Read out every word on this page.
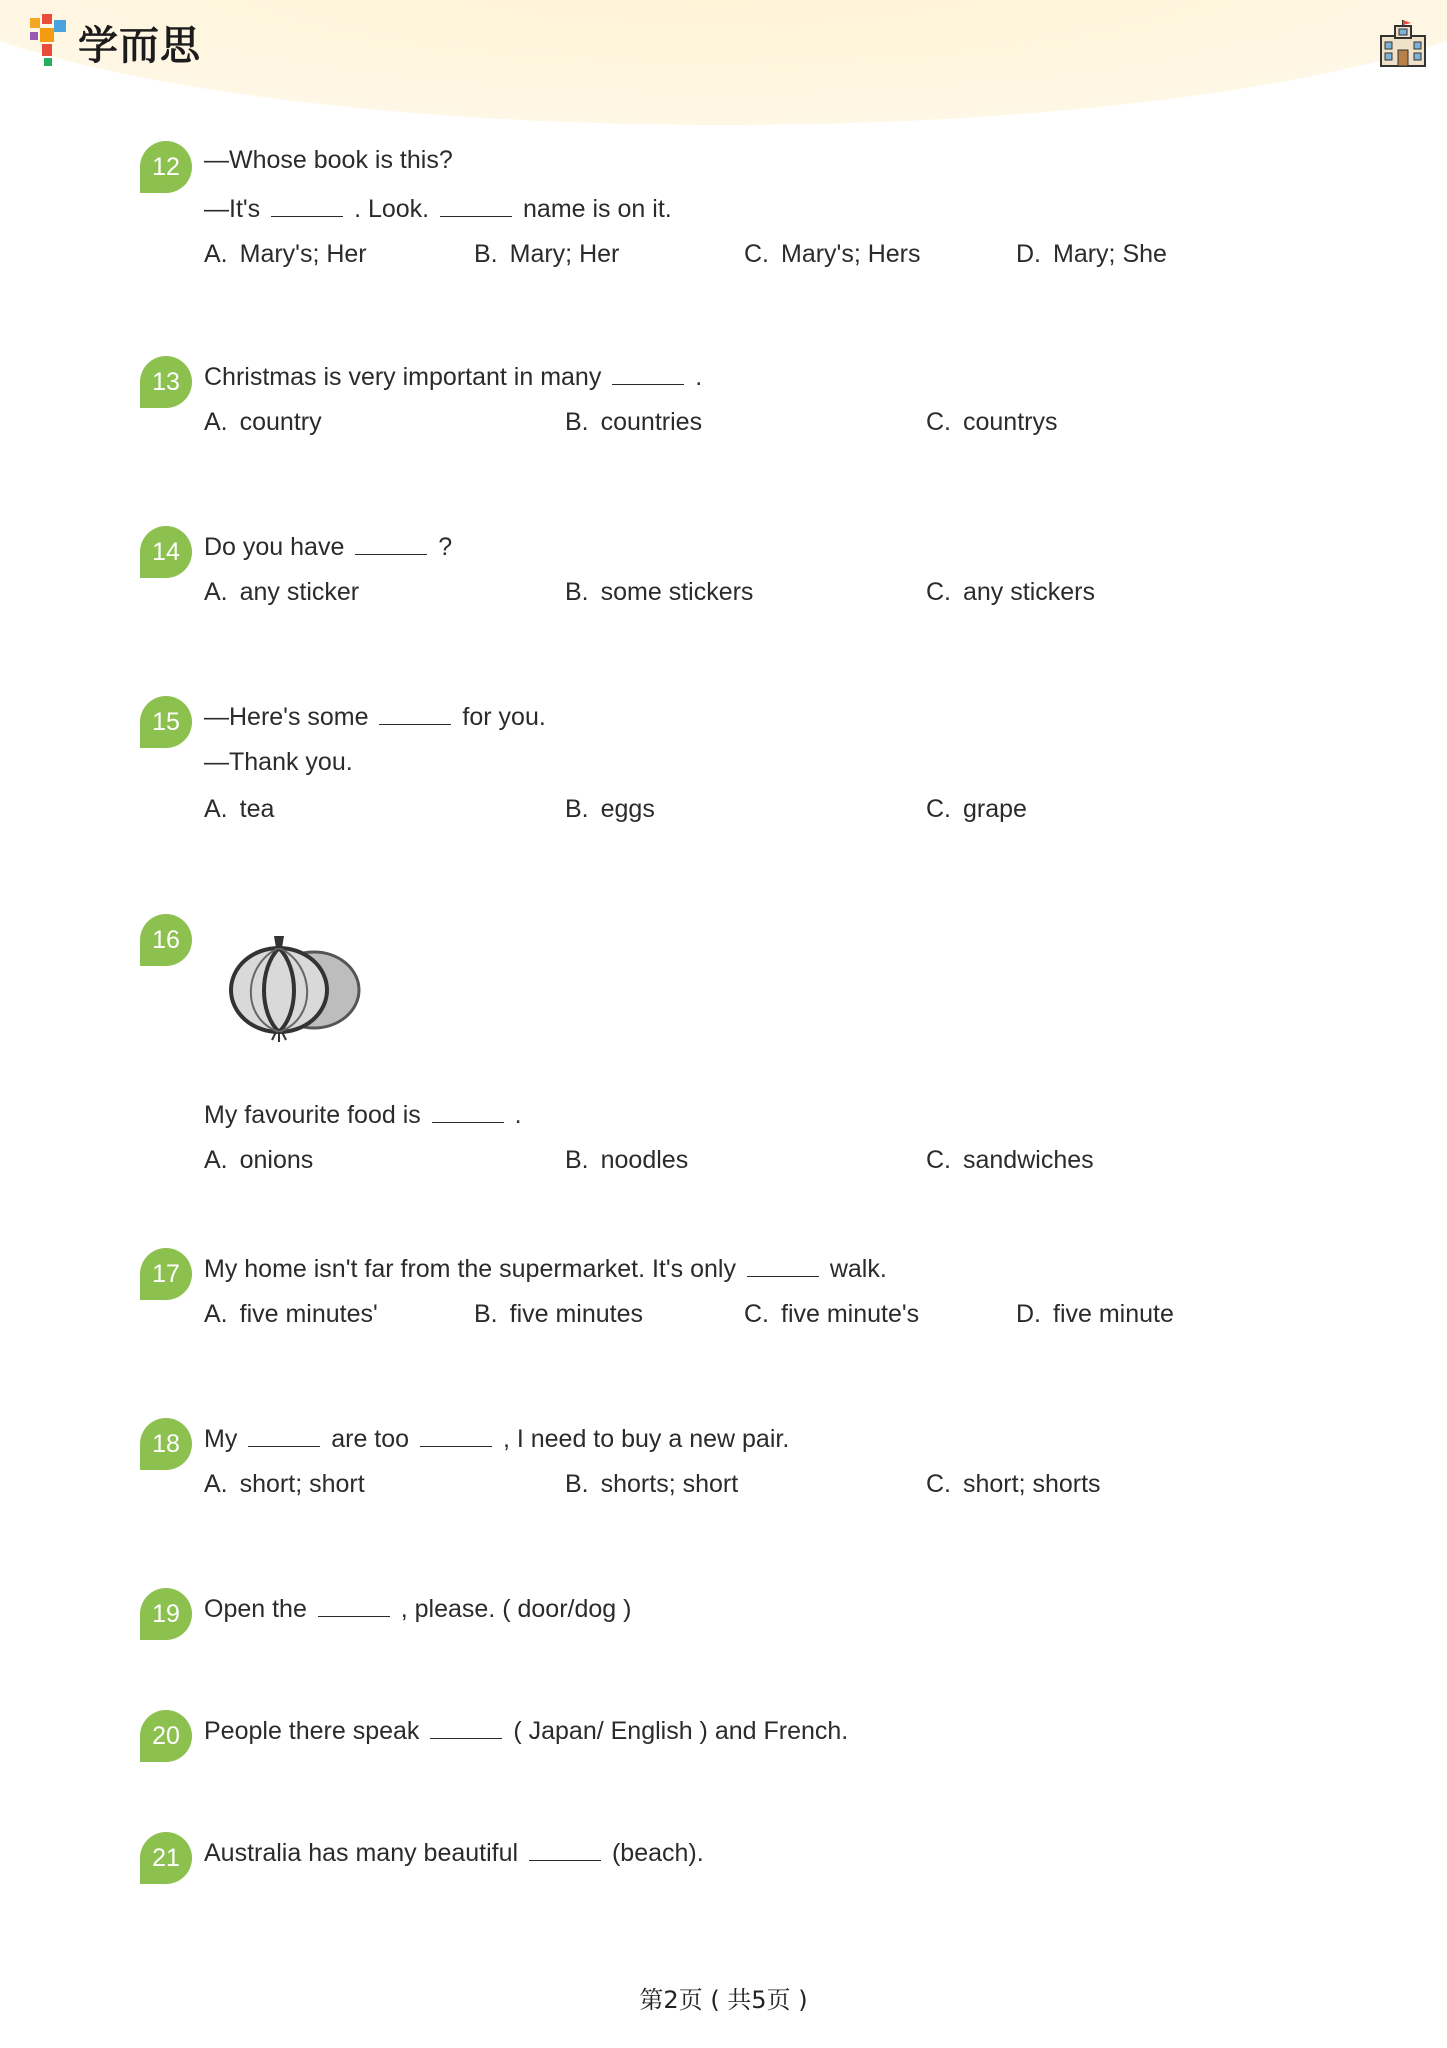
学而思
12 —Whose book is this?
—It's	. Look.	name is on it.
A. Mary's; Her	B. Mary; Her	C. Mary's; Hers	D. Mary; She
13 Christmas is very important in many	.
A. country	B. countries	C. countrys
14 Do you have	?
A. any sticker	B. some stickers	C. any stickers
15 —Here's some	for you.
—Thank you.
A. tea	B. eggs	C. grape
16
My favourite food is	.
A. onions	B. noodles	C. sandwiches
17 My home isn't far from the supermarket. It's only	walk.
A. five minutes'	B. five minutes	C. five minute's	D. five minute
18 My	are too	, I need to buy a new pair.
A. short; short	B. shorts; short	C. short; shorts
19 Open the	, please. ( door/dog )
20 People there speak	( Japan/ English ) and French.
21 Australia has many beautiful	(beach).
第2页 ( 共5页 )
